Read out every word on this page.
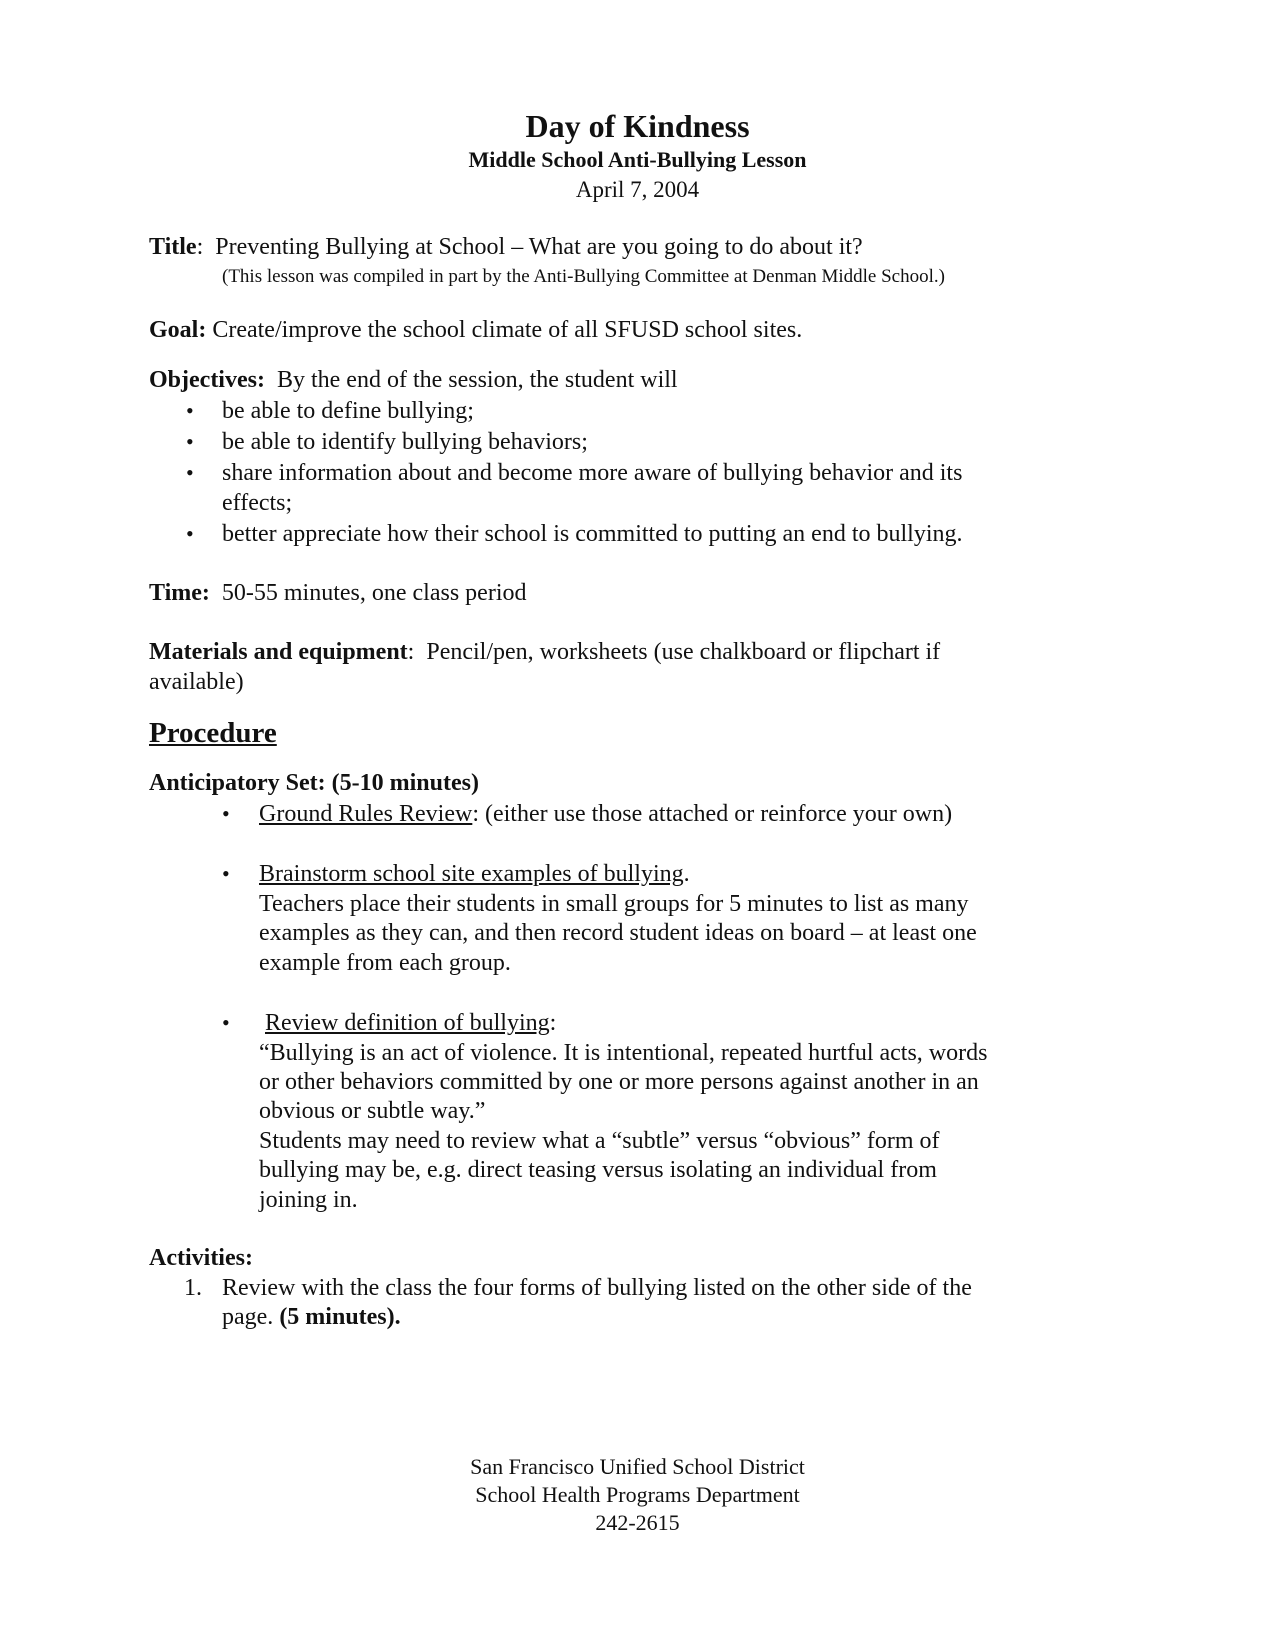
Day of Kindness
Middle School Anti-Bullying Lesson
April 7, 2004
Title:  Preventing Bullying at School – What are you going to do about it?
(This lesson was compiled in part by the Anti-Bullying Committee at Denman Middle School.)
Goal: Create/improve the school climate of all SFUSD school sites.
Objectives: By the end of the session, the student will
• be able to define bullying;
• be able to identify bullying behaviors;
• share information about and become more aware of bullying behavior and its
effects;
• better appreciate how their school is committed to putting an end to bullying.
Time: 50-55 minutes, one class period
Materials and equipment:  Pencil/pen, worksheets (use chalkboard or flipchart if
available)
Procedure
Anticipatory Set: (5-10 minutes)
• Ground Rules Review: (either use those attached or reinforce your own)
• Brainstorm school site examples of bullying.
Teachers place their students in small groups for 5 minutes to list as many
examples as they can, and then record student ideas on board – at least one
example from each group.
• Review definition of bullying:
“Bullying is an act of violence. It is intentional, repeated hurtful acts, words
or other behaviors committed by one or more persons against another in an
obvious or subtle way.”
Students may need to review what a “subtle” versus “obvious” form of
bullying may be, e.g. direct teasing versus isolating an individual from
joining in.
Activities:
1. Review with the class the four forms of bullying listed on the other side of the
page. (5 minutes).
San Francisco Unified School District
School Health Programs Department
242-2615
